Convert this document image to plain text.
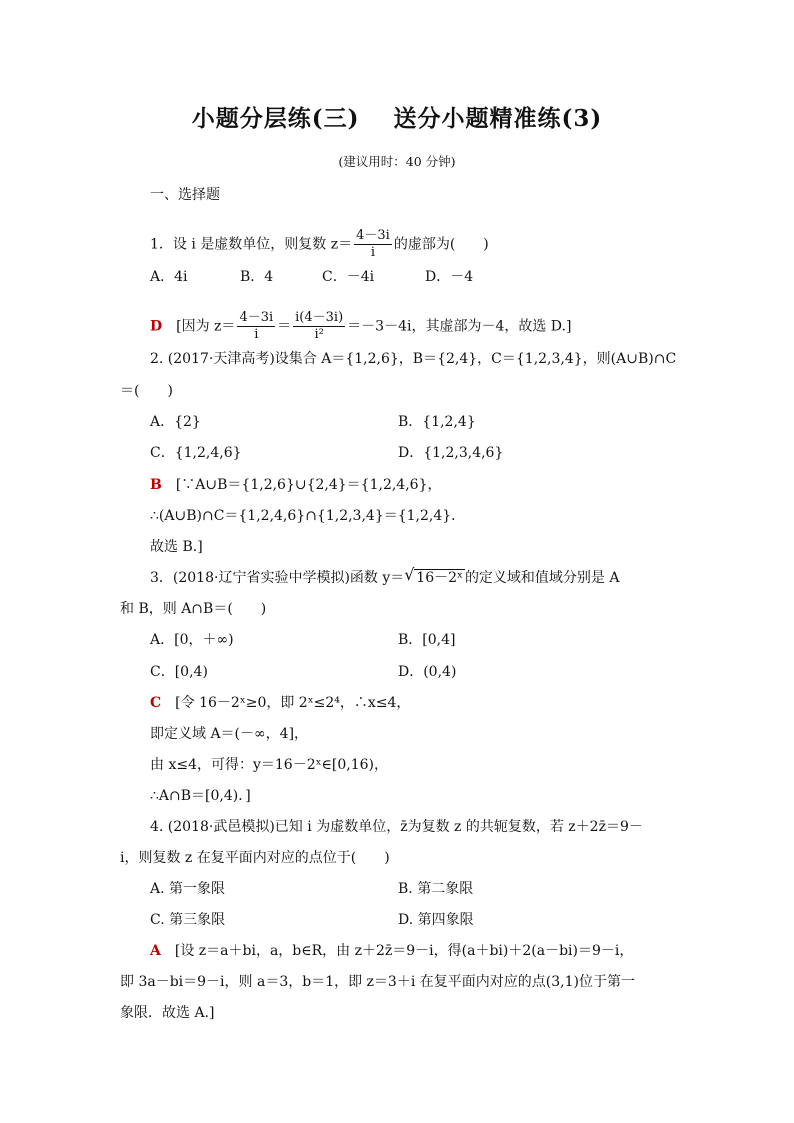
小题分层练(三) 送分小题精准练(3)
(建议用时：40 分钟)
一、选择题
1．设 i 是虚数单位，则复数 $z= \frac{4-3i}{i}$ 的虚部为(　　)
A．4i	B．4	C．－4i	D．－4
D　 [因为 $z= \frac{4-3i}{i} = \frac{i(4-3i)}{\text{i²}} =-3-4i$，其虚部为－4，故选 D.]
2. (2017·天津高考)设集合 A＝{1,2,6}，B＝{2,4}，C＝{1,2,3,4}，则(A∪B)∩C
＝(　　)
A．{2}	B．{1,2,4}
C．{1,2,4,6}	D．{1,2,3,4,6}
B　 [∵A∪B＝{1,2,6}∪{2,4}＝{1,2,4,6}，
∴(A∪B)∩C＝{1,2,4,6}∩{1,2,3,4}＝{1,2,4}．
故选 B.]
3．(2018·辽宁省实验中学模拟)函数 y＝ √ 16－2ˣ 的定义域和值域分别是 A
和 B，则 A∩B＝(　　)
A．[0，＋∞)	B．[0,4]
C．[0,4)	D．(0,4)
C　 [令 16－2ˣ≥0，即 2ˣ≤2⁴，∴x≤4，
即定义域 A＝(－∞，4]，
由 x≤4，可得：y＝16－2ˣ∈[0,16)，
∴A∩B＝[0,4)．]
4. (2018·武邑模拟)已知 i 为虚数单位，z̄为复数 z 的共轭复数，若 z＋2z̄＝9－
i，则复数 z 在复平面内对应的点位于(　　)
A. 第一象限	B. 第二象限
C. 第三象限	D. 第四象限
A　 [设 z＝a＋bi，a，b∈R，由 z＋2z̄＝9－i，得(a＋bi)＋2(a－bi)＝9－i，
即 3a－bi＝9－i，则 a＝3，b＝1，即 z＝3＋i 在复平面内对应的点(3,1)位于第一
象限．故选 A.]
